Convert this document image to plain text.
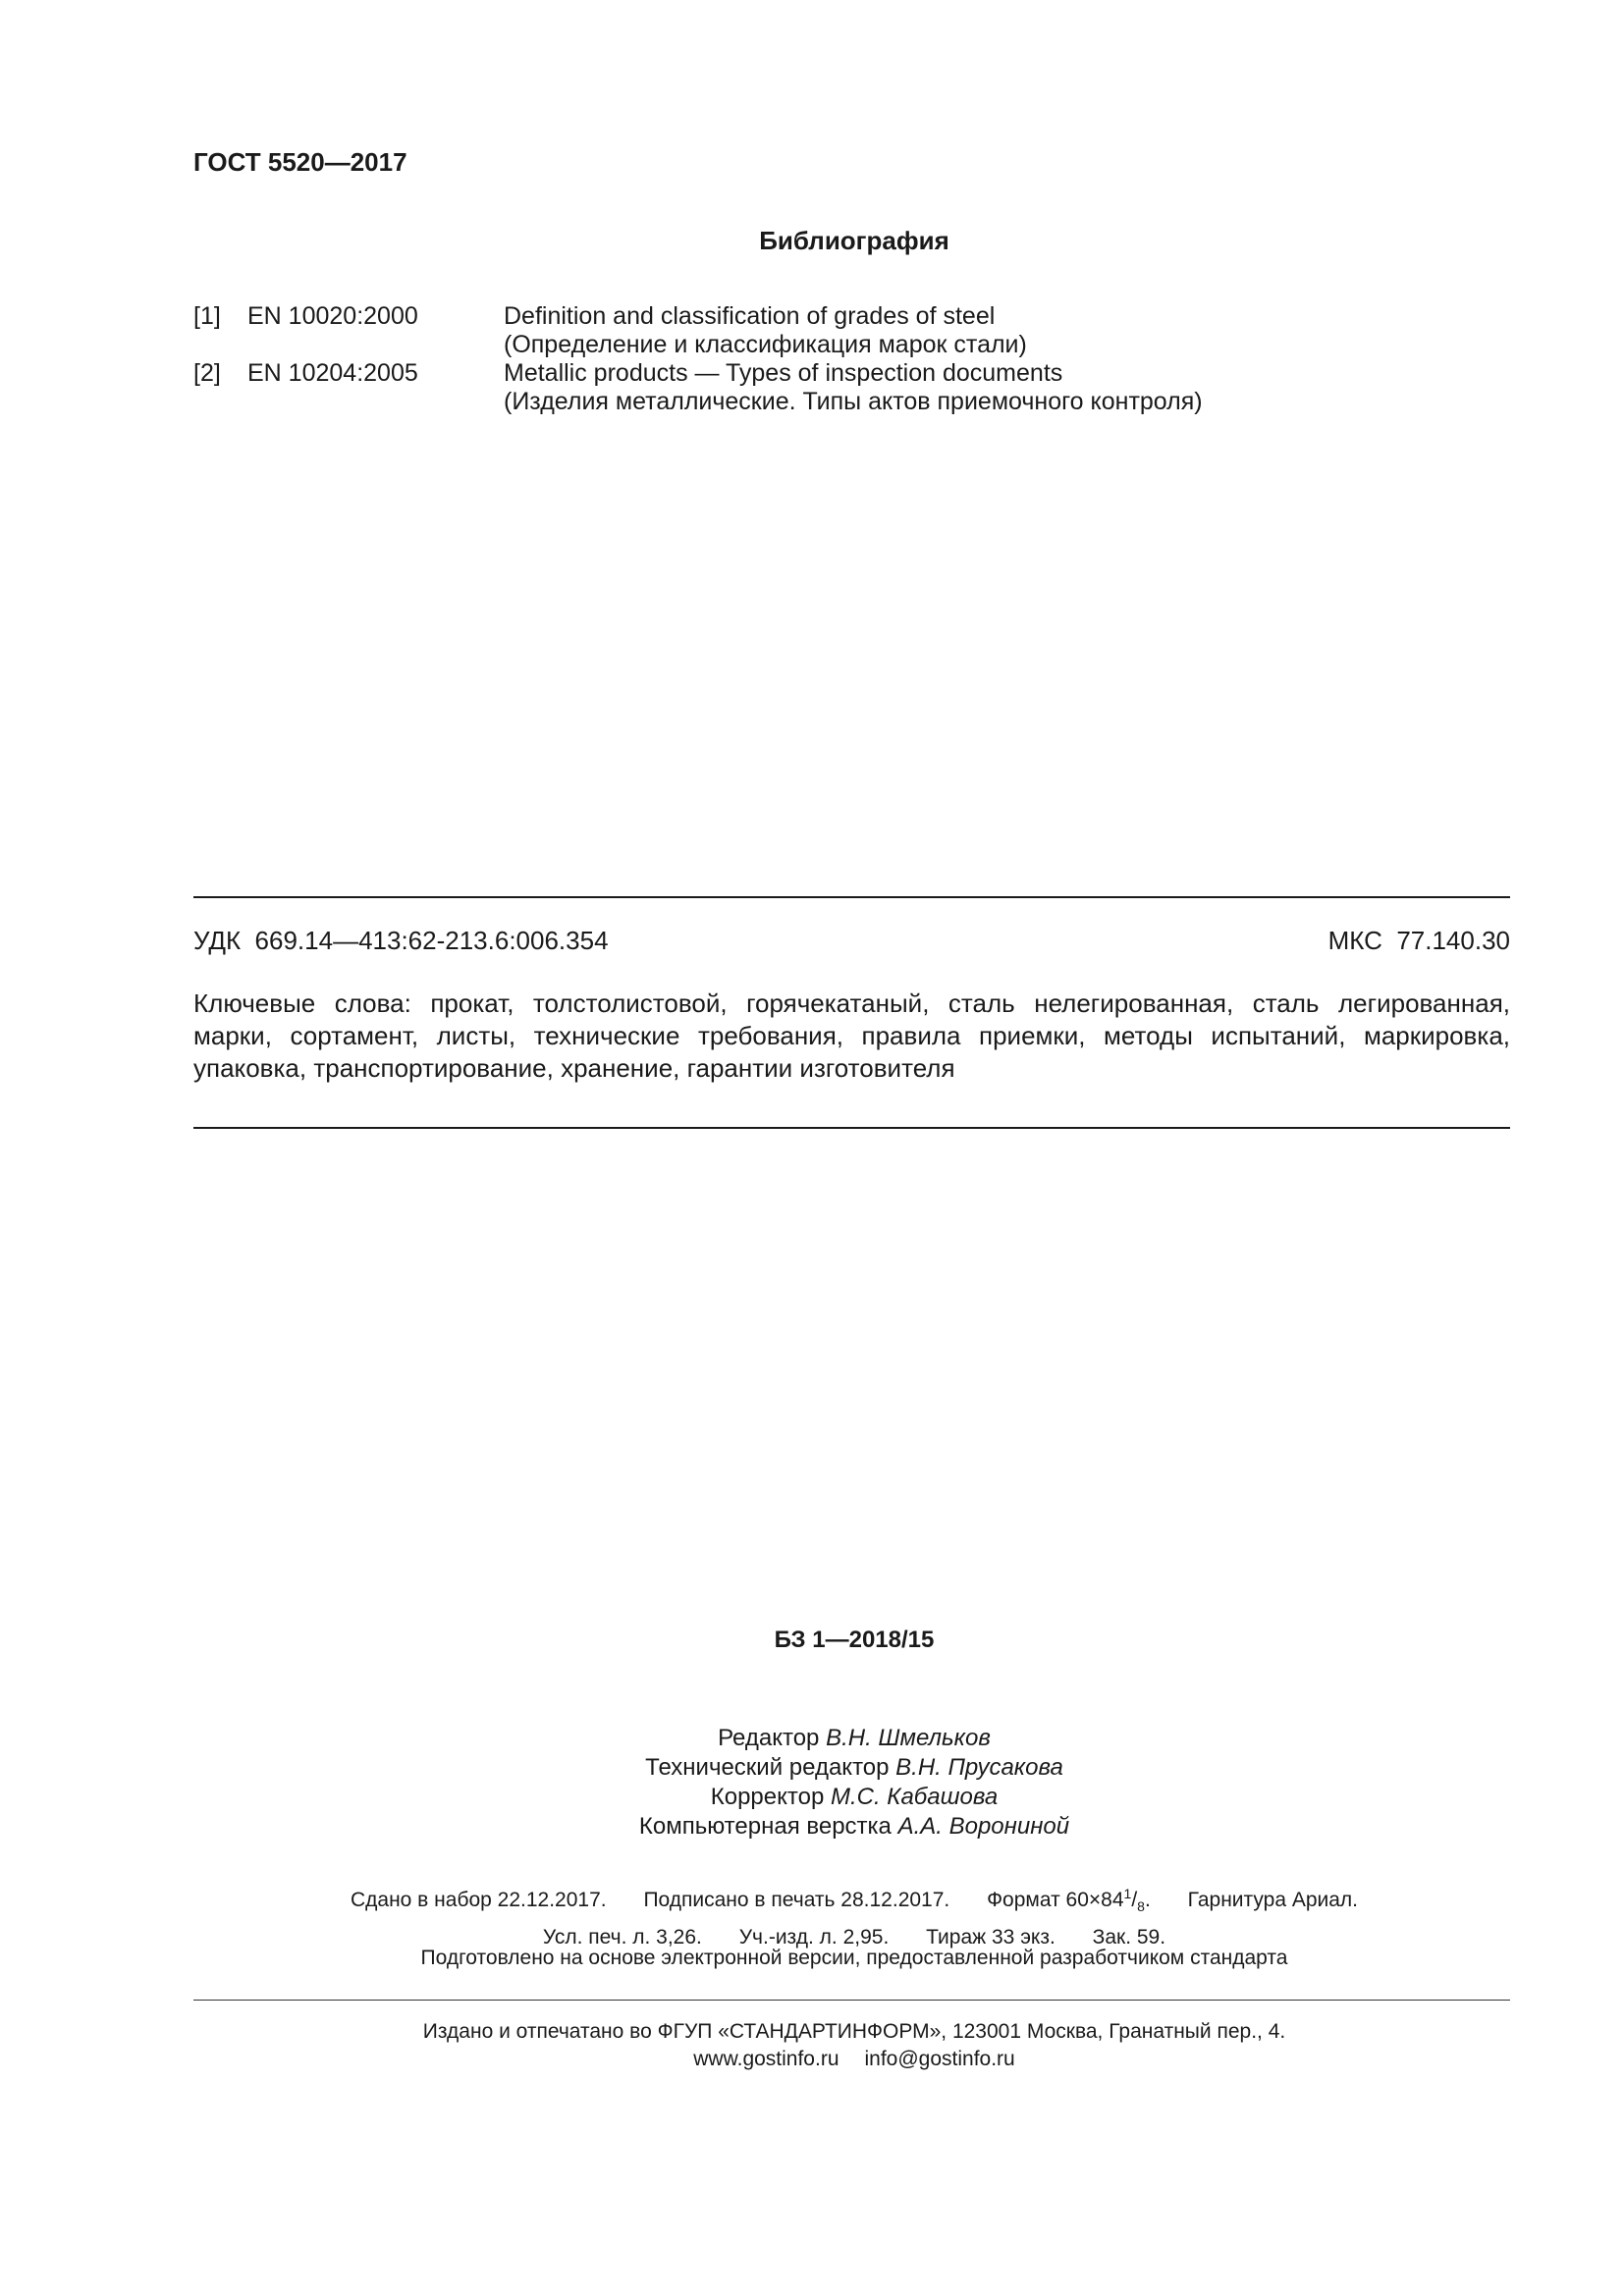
ГОСТ 5520—2017
Библиография
[1] EN 10020:2000	Definition and classification of grades of steel
(Определение и классификация марок стали)
[2] EN 10204:2005	Metallic products — Types of inspection documents
(Изделия металлические. Типы актов приемочного контроля)
УДК  669.14—413:62-213.6:006.354	МКС  77.140.30
Ключевые слова: прокат, толстолистовой, горячекатаный, сталь нелегированная, сталь легированная,
марки, сортамент, листы, технические требования, правила приемки, методы испытаний, маркировка,
упаковка, транспортирование, хранение, гарантии изготовителя
БЗ 1—2018/15
Редактор В.Н. Шмельков
Технический редактор В.Н. Прусакова
Корректор М.С. Кабашова
Компьютерная верстка А.А. Ворониной
Сдано в набор 22.12.2017. Подписано в печать 28.12.2017. Формат $60\times 84^1/_8$. Гарнитура Ариал.
Усл. печ. л. 3,26. Уч.-изд. л. 2,95. Тираж 33 экз. Зак. 59.
Подготовлено на основе электронной версии, предоставленной разработчиком стандарта
Издано и отпечатано во ФГУП «СТАНДАРТИНФОРМ», 123001 Москва, Гранатный пер., 4.
www.gostinfo.ru info@gostinfo.ru
